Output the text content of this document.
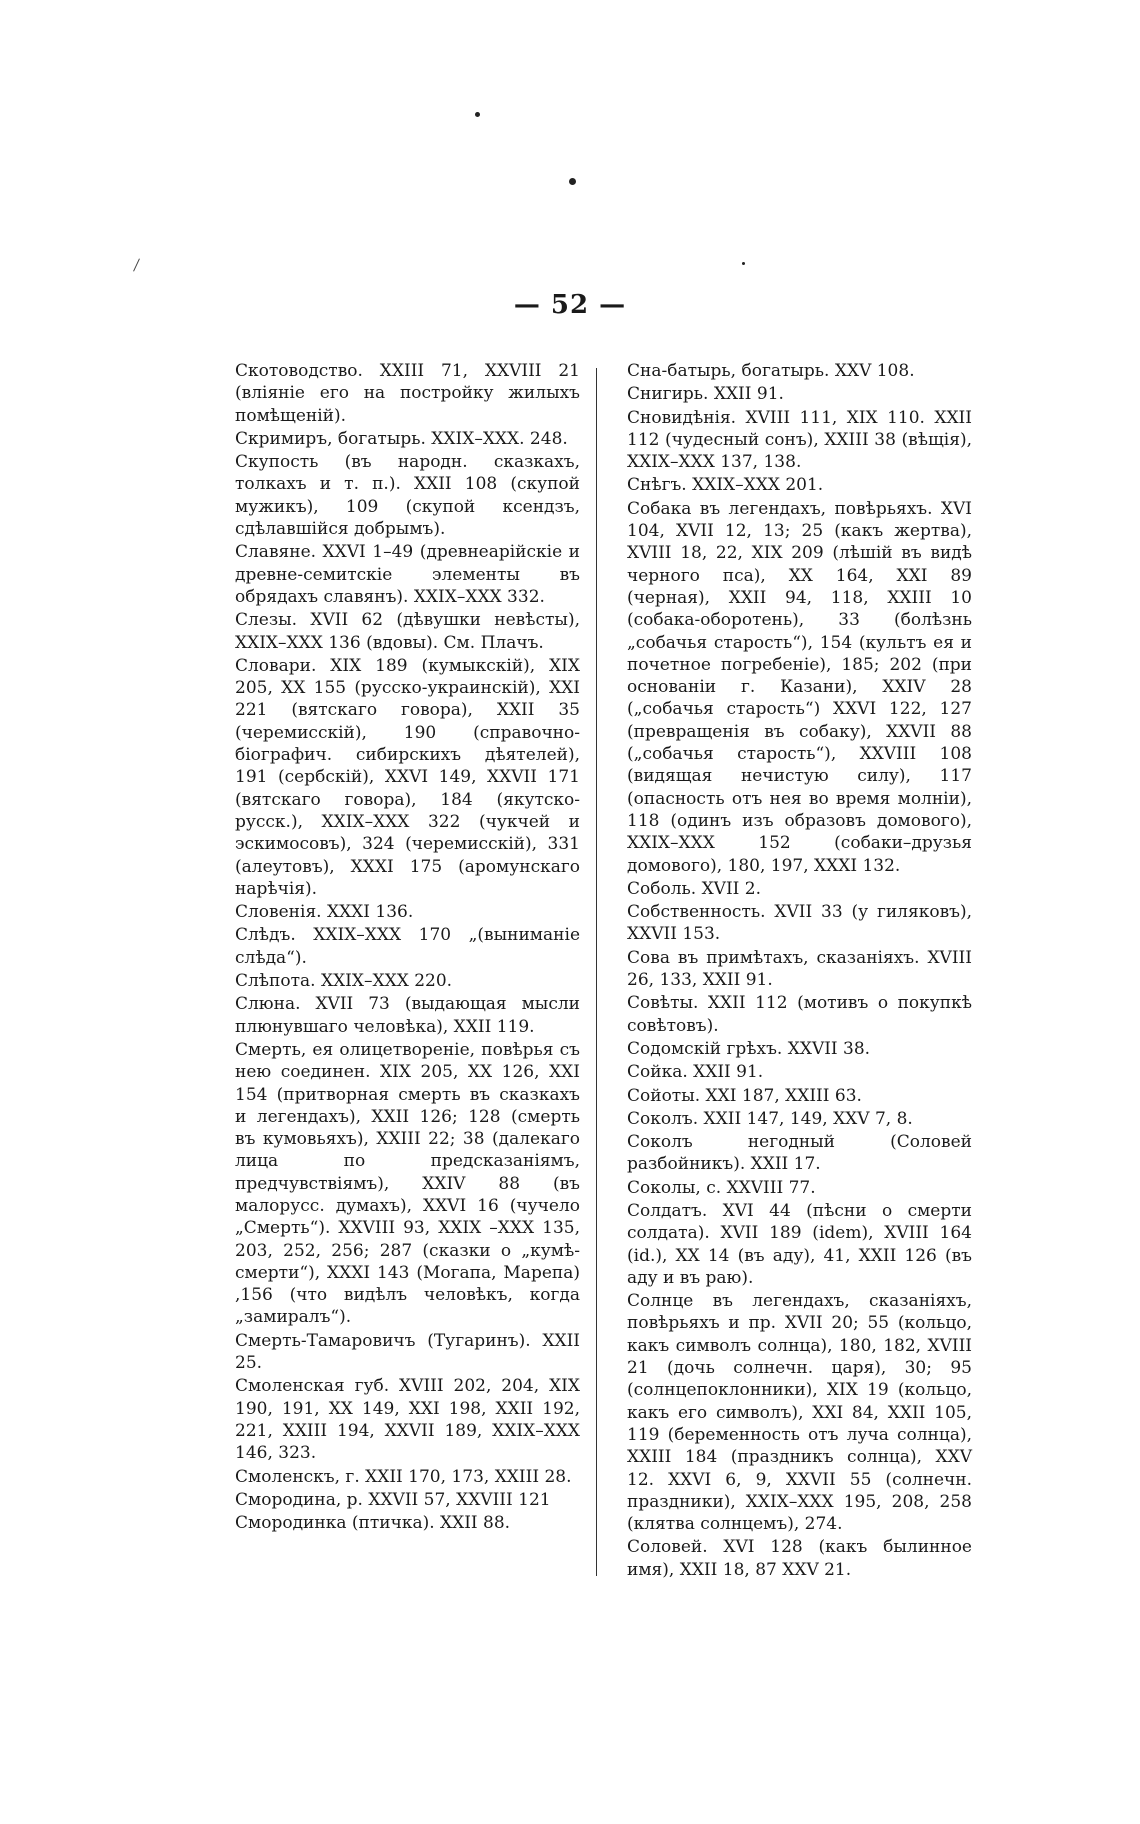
— 52 —

Скотоводство. XXIII 71, XXVIII 21 (вліяніе его на постройку жилыхъ помѣщеній).

Скримиръ, богатырь. XXIX–XXX. 248.

Скупость (въ народн. сказкахъ, толкахъ и т. п.). XXII 108 (скупой мужикъ), 109 (скупой ксендзъ, сдѣлавшійся добрымъ).

Славяне. XXVI 1–49 (древнеарійскіе и древне-семитскіе элементы въ обрядахъ славянъ). XXIX–XXX 332.

Слезы. XVII 62 (дѣвушки невѣсты), XXIX–XXX 136 (вдовы). См. Плачъ.

Словари. XIX 189 (кумыкскій), XIX 205, XX 155 (русско-украинскій), XXI 221 (вятскаго говора), XXII 35 (черемисскій), 190 (справочно-біографич. сибирскихъ дѣятелей), 191 (сербскій), XXVI 149, XXVII 171 (вятскаго говора), 184 (якутско-русск.), XXIX–XXX 322 (чукчей и эскимосовъ), 324 (черемисскій), 331 (алеутовъ), XXXI 175 (аромунскаго нарѣчія).

Словенія. XXXI 136.

Слѣдъ. XXIX–XXX 170 „(выниманіе слѣда“).

Слѣпота. XXIX–XXX 220.

Слюна. XVII 73 (выдающая мысли плюнувшаго человѣка), XXII 119.

Смерть, ея олицетвореніе, повѣрья съ нею соединен. XIX 205, XX 126, XXI 154 (притворная смерть въ сказкахъ и легендахъ), XXII 126; 128 (смерть въ кумовьяхъ), XXIII 22; 38 (далекаго лица по предсказаніямъ, предчувствіямъ), XXIV 88 (въ малорусс. думахъ), XXVI 16 (чучело „Смерть“). XXVIII 93, XXIX –XXX 135, 203, 252, 256; 287 (сказки о „кумѣ-смерти“), XXXI 143 (Могапа, Марепа) ,156 (что видѣлъ человѣкъ, когда „замиралъ“).

Смерть-Тамаровичъ (Тугаринъ). XXII 25.

Смоленская губ. XVIII 202, 204, XIX 190, 191, XX 149, XXI 198, XXII 192, 221, XXIII 194, XXVII 189, XXIX–XXX 146, 323.

Смоленскъ, г. XXII 170, 173, XXIII 28.

Смородина, р. XXVII 57, XXVIII 121

Смородинка (птичка). XXII 88.

Сна-батырь, богатырь. XXV 108.

Снигирь. XXII 91.

Сновидѣнія. XVIII 111, XIX 110. XXII 112 (чудесный сонъ), XXIII 38 (вѣщія), XXIX–XXX 137, 138.

Снѣгъ. XXIX–XXX 201.

Собака въ легендахъ, повѣрьяхъ. XVI 104, XVII 12, 13; 25 (какъ жертва), XVIII 18, 22, XIX 209 (лѣшій въ видѣ черного пса), XX 164, XXI 89 (черная), XXII 94, 118, XXIII 10 (собака-оборотень), 33 (болѣзнь „собачья старость“), 154 (культъ ея и почетное погребеніе), 185; 202 (при основаніи г. Казани), XXIV 28 („собачья старость“) XXVI 122, 127 (превращенія въ собаку), XXVII 88 („собачья старость“), XXVIII 108 (видящая нечистую силу), 117 (опасность отъ нея во время молніи), 118 (одинъ изъ образовъ домового), XXIX–XXX 152 (собаки–друзья домового), 180, 197, XXXI 132.

Соболь. XVII 2.

Собственность. XVII 33 (у гиляковъ), XXVII 153.

Сова въ примѣтахъ, сказаніяхъ. XVIII 26, 133, XXII 91.

Совѣты. XXII 112 (мотивъ о покупкѣ совѣтовъ).

Содомскій грѣхъ. XXVII 38.

Сойка. XXII 91.

Сойоты. XXI 187, XXIII 63.

Соколъ. XXII 147, 149, XXV 7, 8.

Соколъ негодный (Соловей разбойникъ). XXII 17.

Соколы, с. XXVIII 77.

Солдатъ. XVI 44 (пѣсни о смерти солдата). XVII 189 (idem), XVIII 164 (id.), XX 14 (въ аду), 41, XXII 126 (въ аду и въ раю).

Солнце въ легендахъ, сказаніяхъ, повѣрьяхъ и пр. XVII 20; 55 (кольцо, какъ символъ солнца), 180, 182, XVIII 21 (дочь солнечн. царя), 30; 95 (солнцепоклонники), XIX 19 (кольцо, какъ его символъ), XXI 84, XXII 105, 119 (беременность отъ луча солнца), XXIII 184 (праздникъ солнца), XXV 12. XXVI 6, 9, XXVII 55 (солнечн. праздники), XXIX–XXX 195, 208, 258 (клятва солнцемъ), 274.

Соловей. XVI 128 (какъ былинное имя), XXII 18, 87 XXV 21.
